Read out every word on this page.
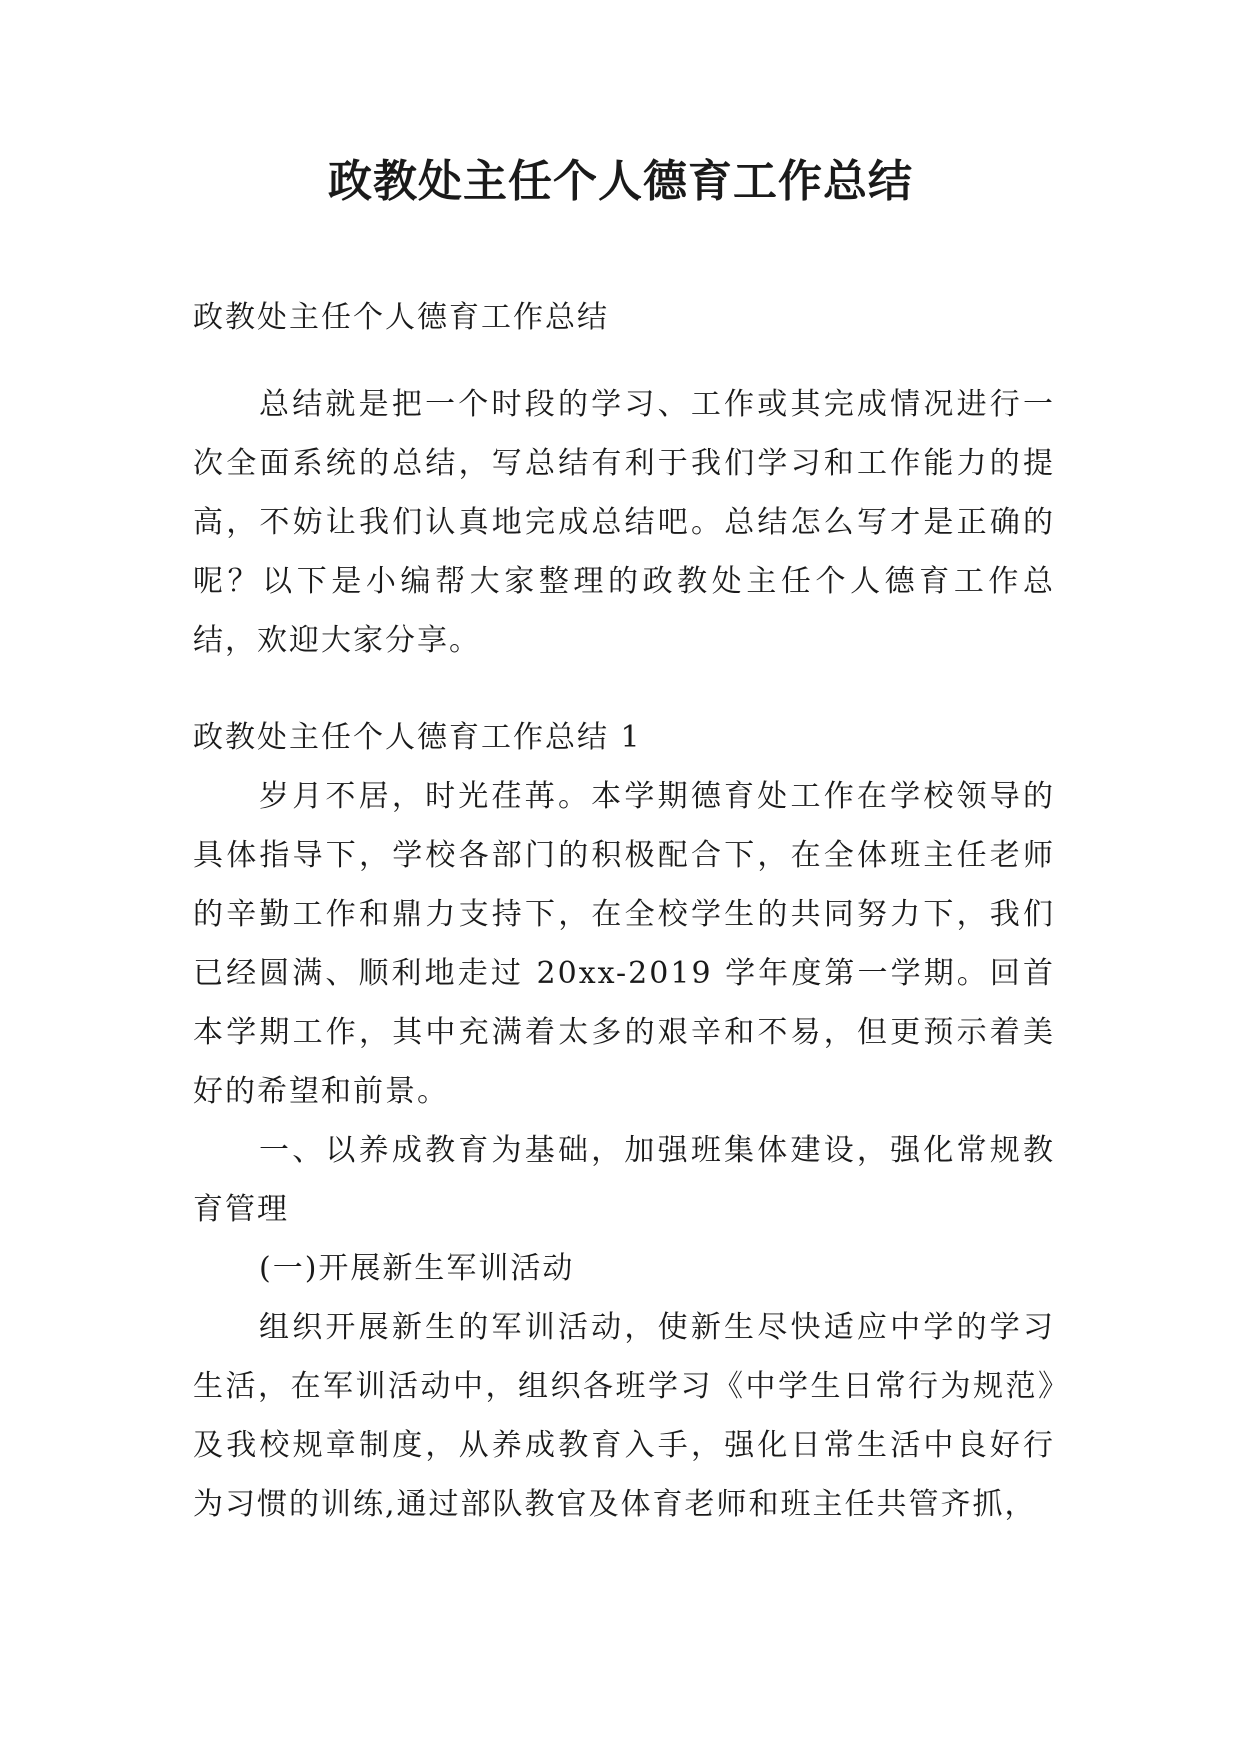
政教处主任个人德育工作总结

政教处主任个人德育工作总结

总结就是把一个时段的学习、工作或其完成情况进行一次全面系统的总结，写总结有利于我们学习和工作能力的提高，不妨让我们认真地完成总结吧。总结怎么写才是正确的呢？以下是小编帮大家整理的政教处主任个人德育工作总结，欢迎大家分享。

政教处主任个人德育工作总结 1

岁月不居，时光荏苒。本学期德育处工作在学校领导的具体指导下，学校各部门的积极配合下，在全体班主任老师的辛勤工作和鼎力支持下，在全校学生的共同努力下，我们已经圆满、顺利地走过 20xx-2019 学年度第一学期。回首本学期工作，其中充满着太多的艰辛和不易，但更预示着美好的希望和前景。

一、以养成教育为基础，加强班集体建设，强化常规教育管理

(一)开展新生军训活动

组织开展新生的军训活动，使新生尽快适应中学的学习生活，在军训活动中，组织各班学习《中学生日常行为规范》及我校规章制度，从养成教育入手，强化日常生活中良好行为习惯的训练,通过部队教官及体育老师和班主任共管齐抓，
